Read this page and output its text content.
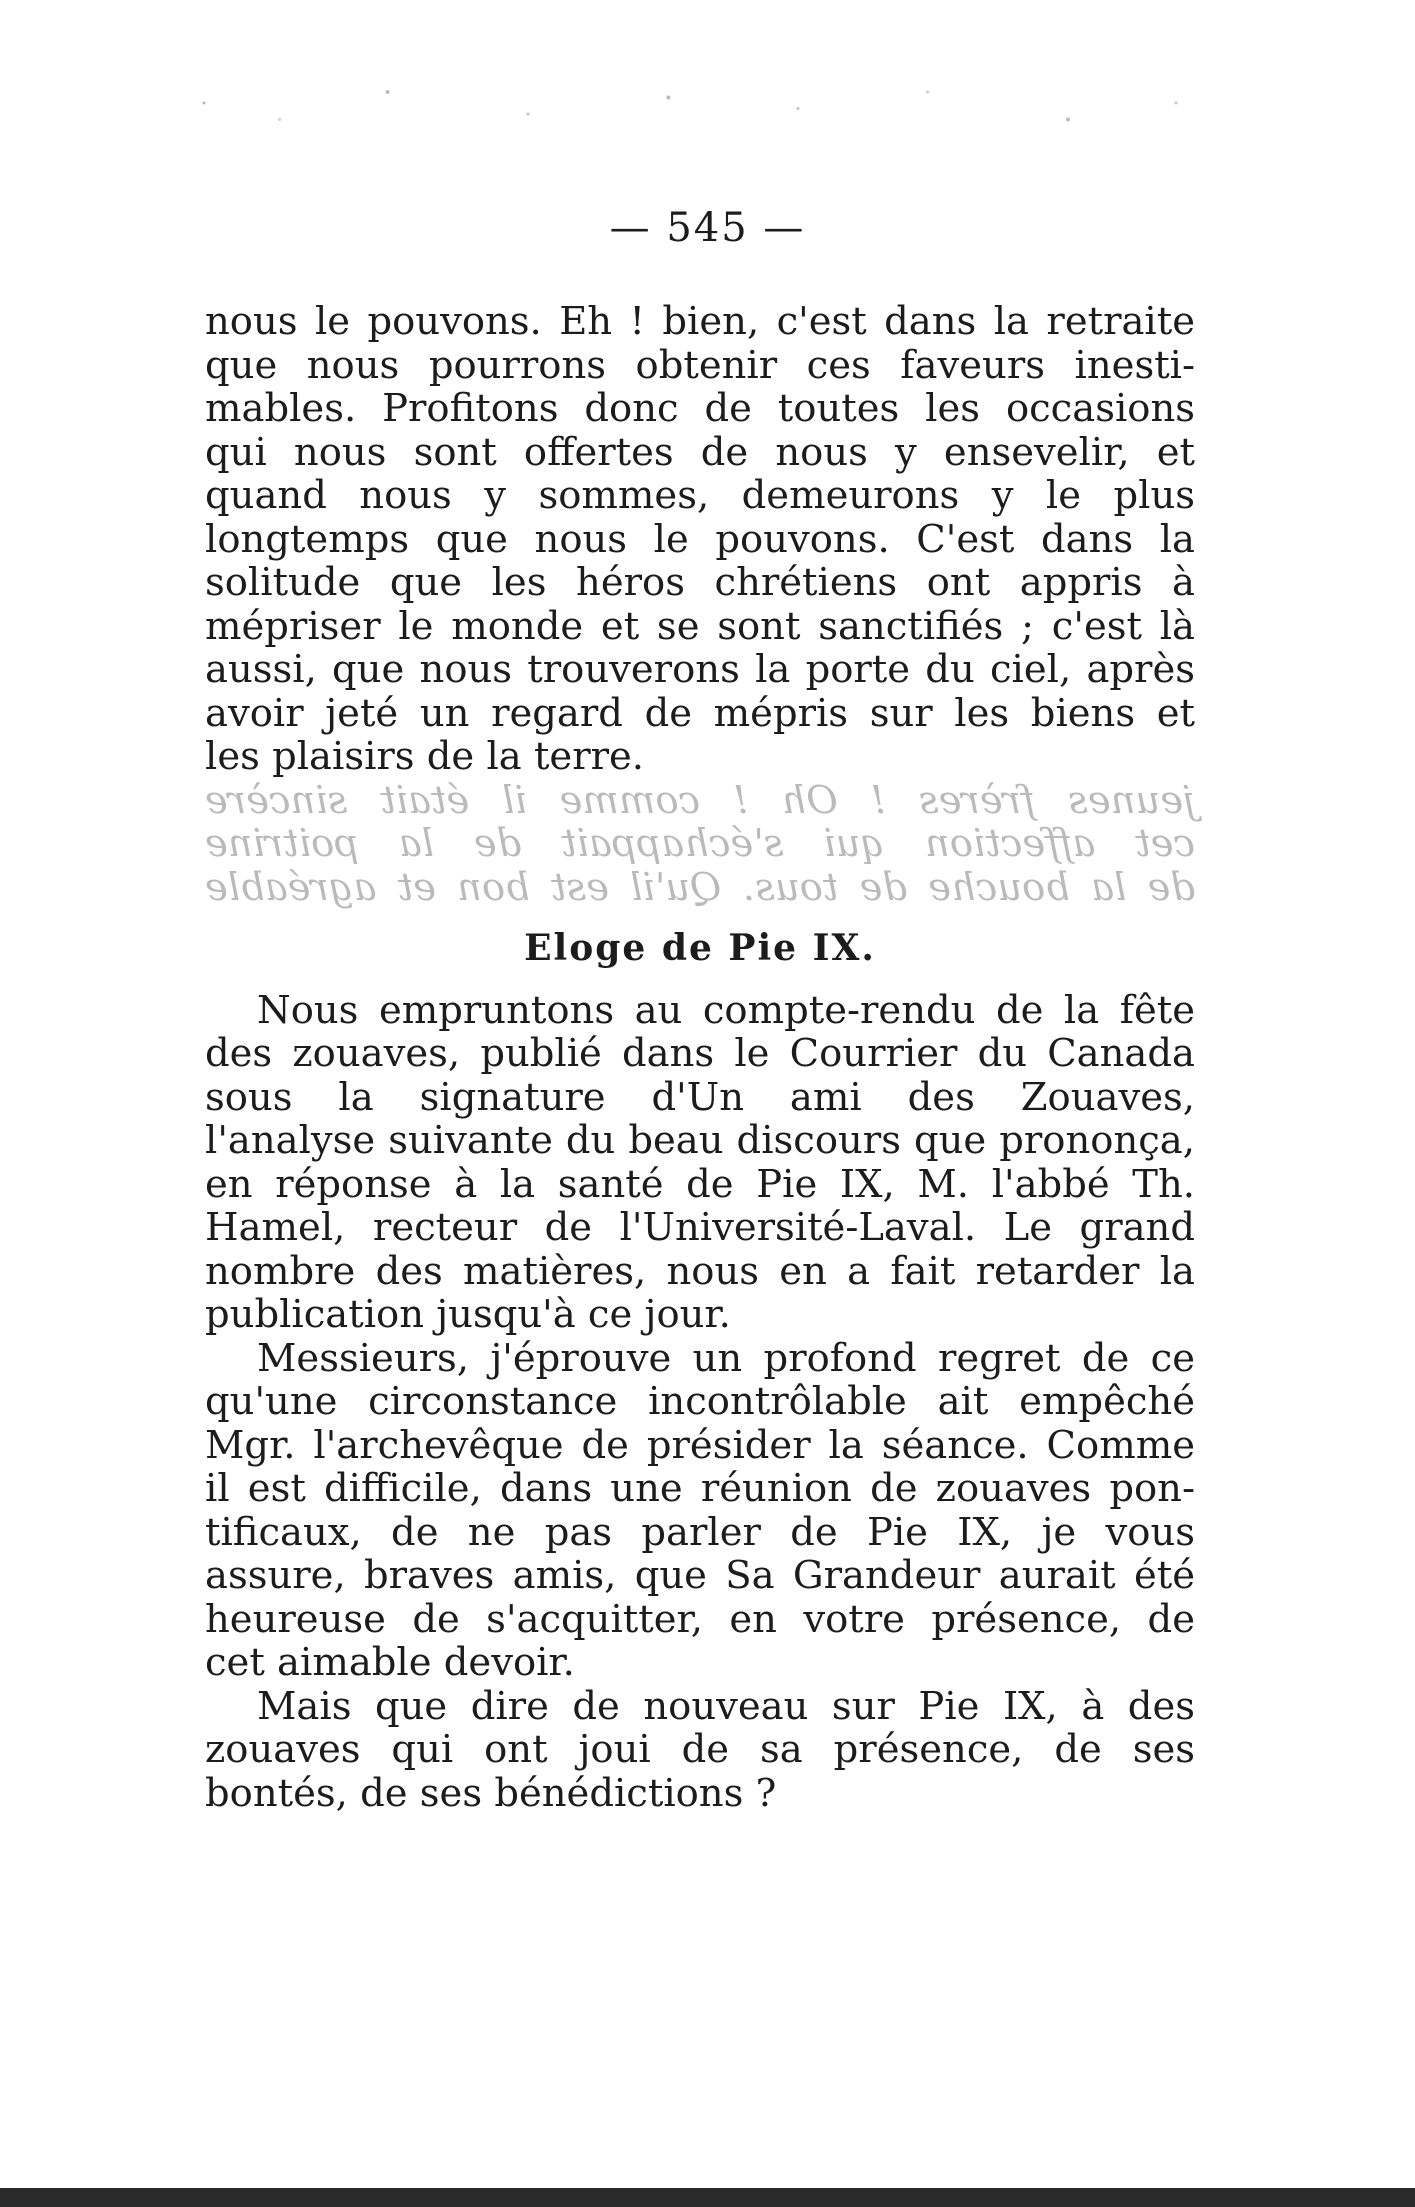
— 545 —
nous le pouvons. Eh ! bien, c'est dans la retraite
que nous pourrons obtenir ces faveurs inesti-
mables. Profitons donc de toutes les occasions
qui nous sont offertes de nous y ensevelir, et
quand nous y sommes, demeurons y le plus
longtemps que nous le pouvons. C'est dans la
solitude que les héros chrétiens ont appris à
mépriser le monde et se sont sanctifiés ; c'est là
aussi, que nous trouverons la porte du ciel, après
avoir jeté un regard de mépris sur les biens et
les plaisirs de la terre.
jeunes frères ! Oh ! comme il était sincère
cet affection qui s'échappait de la poitrine
de la bouche de tous. Qu'il est bon et agréable
Eloge de Pie IX.
Nous empruntons au compte-rendu de la fête
des zouaves, publié dans le Courrier du Canada
sous la signature d'Un ami des Zouaves,
l'analyse suivante du beau discours que prononça,
en réponse à la santé de Pie IX, M. l'abbé Th.
Hamel, recteur de l'Université-Laval. Le grand
nombre des matières, nous en a fait retarder la
publication jusqu'à ce jour.
Messieurs, j'éprouve un profond regret de ce
qu'une circonstance incontrôlable ait empêché
Mgr. l'archevêque de présider la séance. Comme
il est difficile, dans une réunion de zouaves pon-
tificaux, de ne pas parler de Pie IX, je vous
assure, braves amis, que Sa Grandeur aurait été
heureuse de s'acquitter, en votre présence, de
cet aimable devoir.
Mais que dire de nouveau sur Pie IX, à des
zouaves qui ont joui de sa présence, de ses
bontés, de ses bénédictions ?
